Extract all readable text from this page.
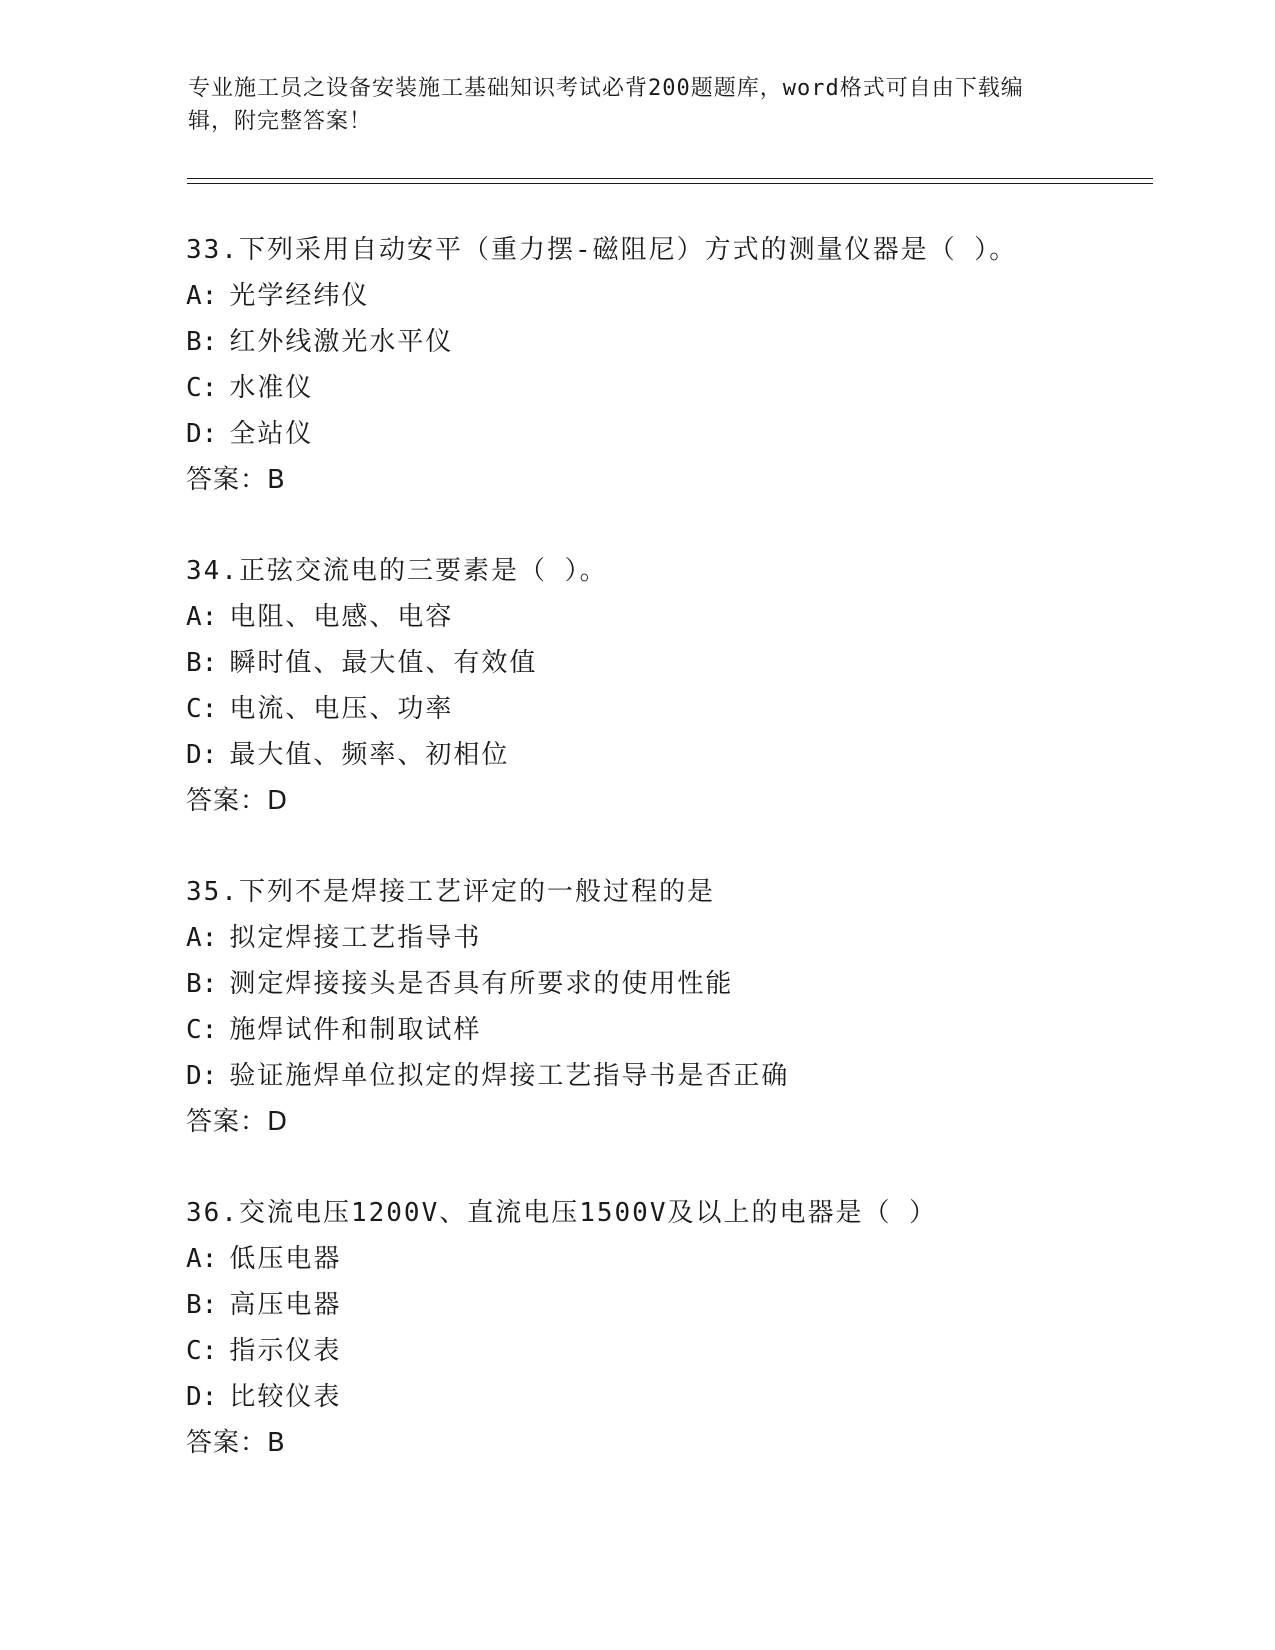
专业施工员之设备安装施工基础知识考试必背200题题库，word格式可自由下载编辑，附完整答案！
33.下列采用自动安平（重力摆-磁阻尼）方式的测量仪器是（ ）。
A: 光学经纬仪
B: 红外线激光水平仪
C: 水准仪
D: 全站仪
答案：B
34.正弦交流电的三要素是（ ）。
A: 电阻、电感、电容
B: 瞬时值、最大值、有效值
C: 电流、电压、功率
D: 最大值、频率、初相位
答案：D
35.下列不是焊接工艺评定的一般过程的是
A: 拟定焊接工艺指导书
B: 测定焊接接头是否具有所要求的使用性能
C: 施焊试件和制取试样
D: 验证施焊单位拟定的焊接工艺指导书是否正确
答案：D
36.交流电压1200V、直流电压1500V及以上的电器是（ ）
A: 低压电器
B: 高压电器
C: 指示仪表
D: 比较仪表
答案：B
